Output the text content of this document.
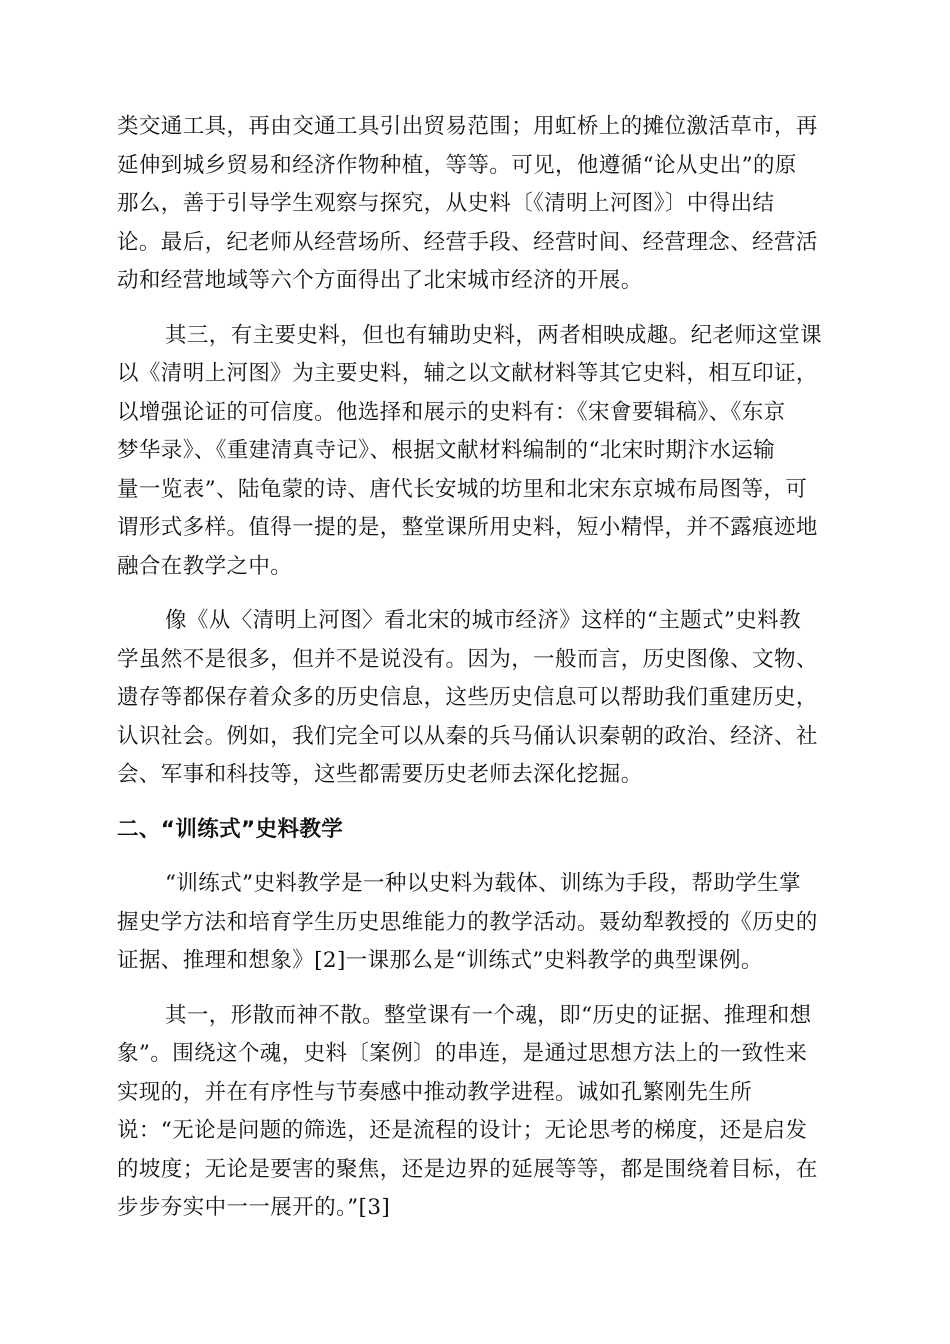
类交通工具，再由交通工具引出贸易范围；用虹桥上的摊位激活草市，再
延伸到城乡贸易和经济作物种植，等等。可见，他遵循“论从史出”的原
那么，善于引导学生观察与探究，从史料〔《清明上河图》〕中得出结
论。最后，纪老师从经营场所、经营手段、经营时间、经营理念、经营活
动和经营地域等六个方面得出了北宋城市经济的开展。

其三，有主要史料，但也有辅助史料，两者相映成趣。纪老师这堂课
以《清明上河图》为主要史料，辅之以文献材料等其它史料，相互印证，
以增强论证的可信度。他选择和展示的史料有：《宋會要辑稿》、《东京
梦华录》、《重建清真寺记》、根据文献材料编制的“北宋时期汴水运输
量一览表”、陆龟蒙的诗、唐代长安城的坊里和北宋东京城布局图等，可
谓形式多样。值得一提的是，整堂课所用史料，短小精悍，并不露痕迹地
融合在教学之中。

像《从〈清明上河图〉看北宋的城市经济》这样的“主题式”史料教
学虽然不是很多，但并不是说没有。因为，一般而言，历史图像、文物、
遗存等都保存着众多的历史信息，这些历史信息可以帮助我们重建历史，
认识社会。例如，我们完全可以从秦的兵马俑认识秦朝的政治、经济、社
会、军事和科技等，这些都需要历史老师去深化挖掘。

二、“训练式”史料教学

“训练式”史料教学是一种以史料为载体、训练为手段，帮助学生掌
握史学方法和培育学生历史思维能力的教学活动。聂幼犁教授的《历史的
证据、推理和想象》[2]一课那么是“训练式”史料教学的典型课例。

其一，形散而神不散。整堂课有一个魂，即“历史的证据、推理和想
象”。围绕这个魂，史料〔案例〕的串连，是通过思想方法上的一致性来
实现的，并在有序性与节奏感中推动教学进程。诚如孔繁刚先生所
说：“无论是问题的筛选，还是流程的设计；无论思考的梯度，还是启发
的坡度；无论是要害的聚焦，还是边界的延展等等，都是围绕着目标，在
步步夯实中一一展开的。”[3]
